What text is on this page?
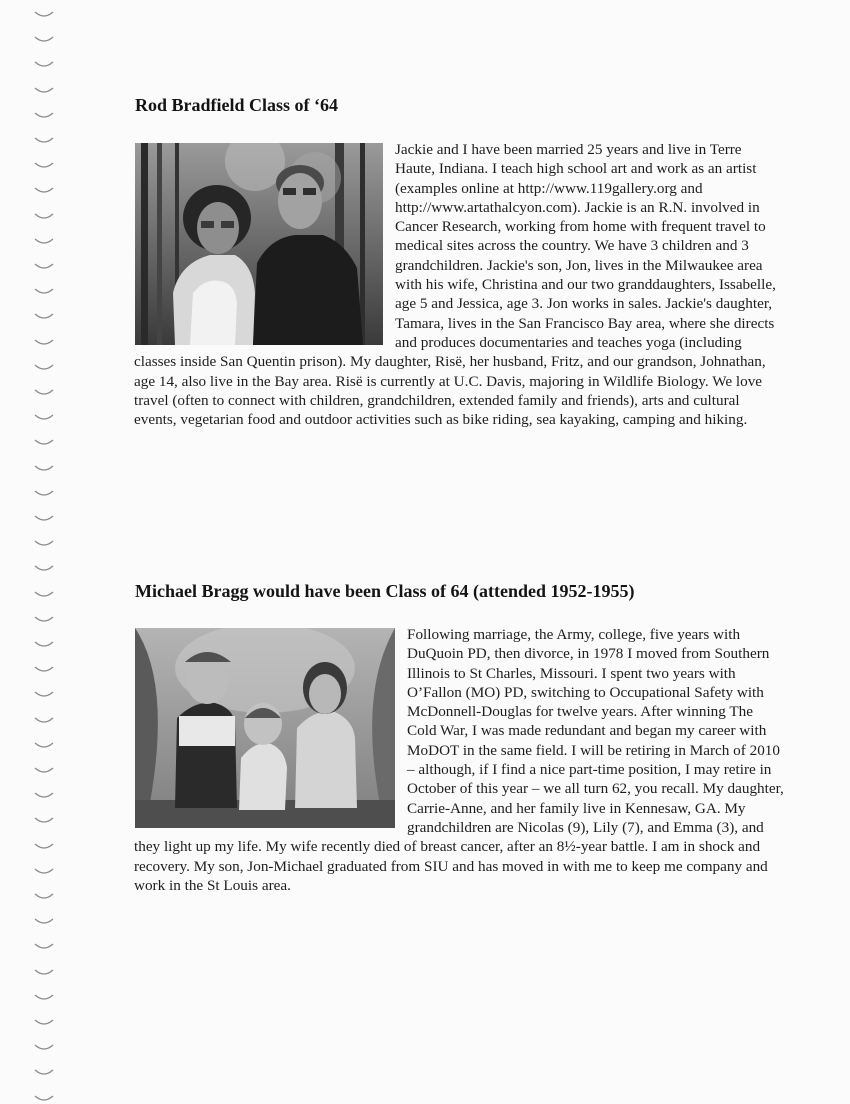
Rod Bradfield Class of ‘64

Jackie and I have been married 25 years and live in Terre Haute, Indiana. I teach high school art and work as an artist (examples online at http://www.119gallery.org and http://www.artathalcyon.com). Jackie is an R.N. involved in Cancer Research, working from home with frequent travel to medical sites across the country. We have 3 children and 3 grandchildren. Jackie's son, Jon, lives in the Milwaukee area with his wife, Christina and our two granddaughters, Issabelle, age 5 and Jessica, age 3. Jon works in sales. Jackie's daughter, Tamara, lives in the San Francisco Bay area, where she directs and produces documentaries and teaches yoga (including classes inside San Quentin prison). My daughter, Risë, her husband, Fritz, and our grandson, Johnathan, age 14, also live in the Bay area. Risë is currently at U.C. Davis, majoring in Wildlife Biology. We love travel (often to connect with children, grandchildren, extended family and friends), arts and cultural events, vegetarian food and outdoor activities such as bike riding, sea kayaking, camping and hiking.

Michael Bragg would have been Class of 64 (attended 1952-1955)

Following marriage, the Army, college, five years with DuQuoin PD, then divorce, in 1978 I moved from Southern Illinois to St Charles, Missouri. I spent two years with O’Fallon (MO) PD, switching to Occupational Safety with McDonnell-Douglas for twelve years. After winning The Cold War, I was made redundant and began my career with MoDOT in the same field. I will be retiring in March of 2010 – although, if I find a nice part-time position, I may retire in October of this year – we all turn 62, you recall. My daughter, Carrie-Anne, and her family live in Kennesaw, GA. My grandchildren are Nicolas (9), Lily (7), and Emma (3), and they light up my life. My wife recently died of breast cancer, after an 8½-year battle. I am in shock and recovery. My son, Jon-Michael graduated from SIU and has moved in with me to keep me company and work in the St Louis area.
